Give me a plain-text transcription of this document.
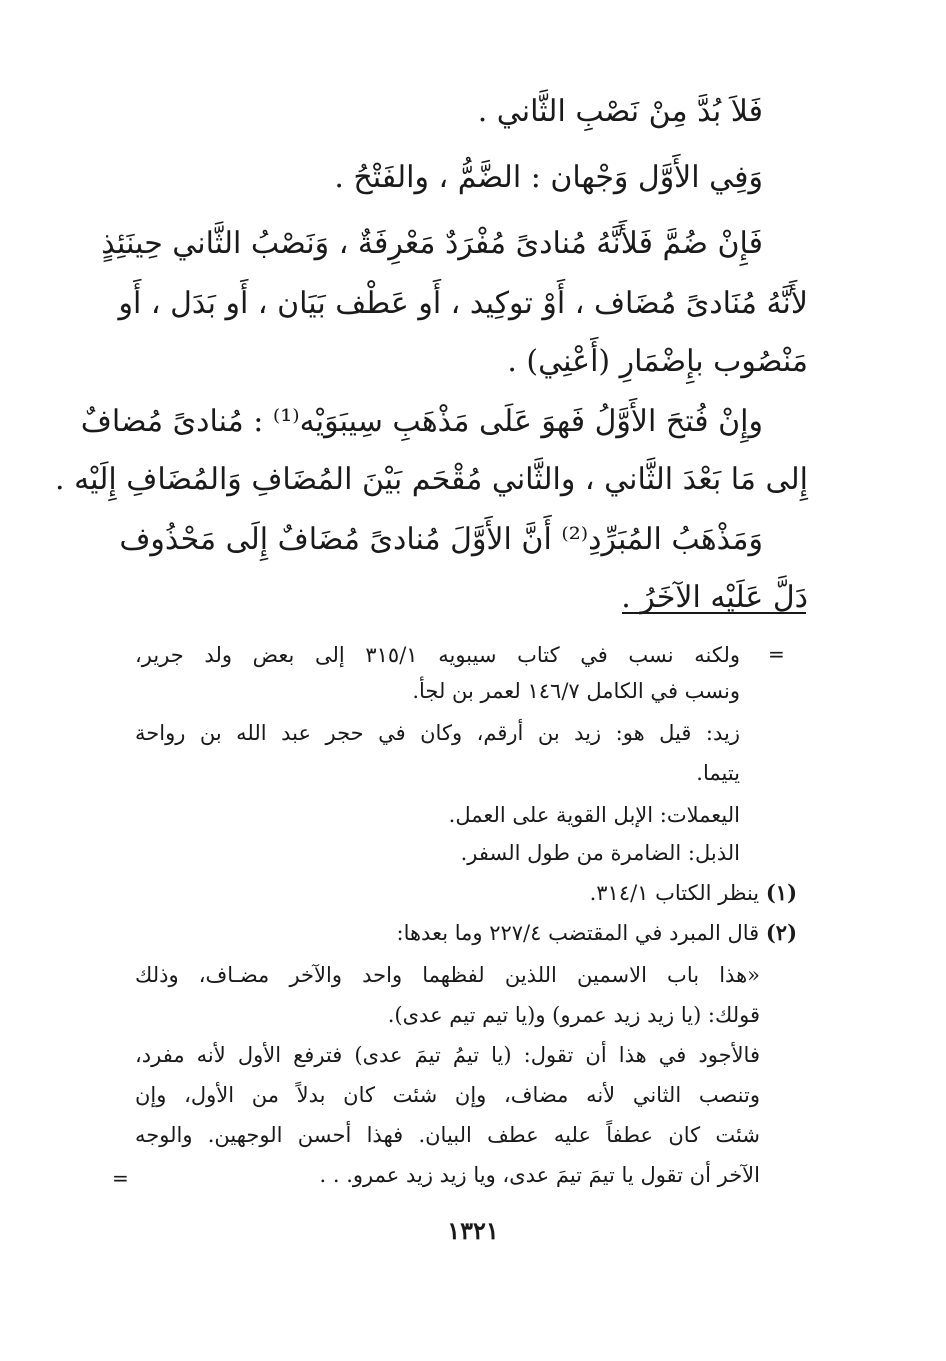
فَلاَ بُدَّ مِنْ نَصْبِ الثَّاني .
وَفِي الأَوَّل وَجْهان : الضَّمُّ ، والفَتْحُ .
فَإِنْ ضُمَّ فَلأَنَّهُ مُنادىً مُفْرَدٌ مَعْرِفَةٌ ، وَنَصْبُ الثَّاني حِينَئِذٍ
لأَنَّهُ مُنَادىً مُضَاف ، أَوْ توكِيد ، أَو عَطْف بَيَان ، أَو بَدَل ، أَو
مَنْصُوب بإِضْمَارِ (أَعْنِي) .
وإِنْ فُتحَ الأَوَّلُ فَهوَ عَلَى مَذْهَبِ سِيبَوَيْه⁽¹⁾ : مُنادىً مُضافٌ
إِلى مَا بَعْدَ الثَّاني ، والثَّاني مُقْحَم بَيْنَ المُضَافِ وَالمُضَافِ إِلَيْه .
وَمَذْهَبُ المُبَرِّدِ⁽²⁾ أَنَّ الأَوَّلَ مُنادىً مُضَافٌ إِلَى مَحْذُوف
دَلَّ عَلَيْه الآخَرُ .
=
ولكنه نسب في كتاب سيبويه ٣١٥/١ إلى بعض ولد جرير،
ونسب في الكامل ١٤٦/٧ لعمر بن لجأ.
زيد: قيل هو: زيد بن أرقم، وكان في حجر عبد الله بن رواحة
يتيما.
اليعملات: الإبل القوية على العمل.
الذبل: الضامرة من طول السفر.
(١) ينظر الكتاب ٣١٤/١.
(٢) قال المبرد في المقتضب ٢٢٧/٤ وما بعدها:
«هذا باب الاسمين اللذين لفظهما واحد والآخر مضـاف، وذلك
قولك: (يا زيد زيد عمرو) و(يا تيم تيم عدى).
فالأجود في هذا أن تقول: (يا تيمُ تيمَ عدى) فترفع الأول لأنه مفرد،
وتنصب الثاني لأنه مضاف، وإن شئت كان بدلاً من الأول، وإن
شئت كان عطفاً عليه عطف البيان. فهذا أحسن الوجهين. والوجه
الآخر أن تقول يا تيمَ تيمَ عدى، ويا زيد زيد عمرو. . .
=
١٣٢١
